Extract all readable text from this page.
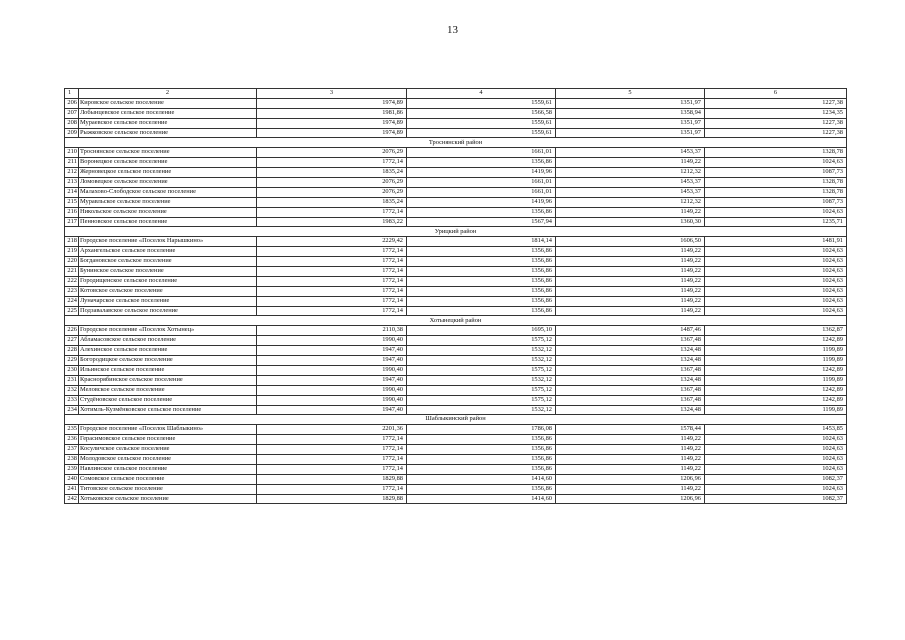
13
1	2	3	4	5	6
206	Кировское сельское поселение	1974,89	1559,61	1351,97	1227,38
207	Лобынцевское сельское поселение	1981,86	1566,58	1358,94	1234,35
208	Мураевское сельское поселение	1974,89	1559,61	1351,97	1227,38
209	Рыжковское сельское поселение	1974,89	1559,61	1351,97	1227,38
Троснянский район					
210	Троснянское сельское поселение	2076,29	1661,01	1453,37	1328,78
211	Воронецкое сельское поселение	1772,14	1356,86	1149,22	1024,63
212	Жерновецкое сельское поселение	1835,24	1419,96	1212,32	1087,73
213	Ломовецкое сельское поселение	2076,29	1661,01	1453,37	1328,78
214	Малахово-Слободское сельское поселение	2076,29	1661,01	1453,37	1328,78
215	Муравльское сельское поселение	1835,24	1419,96	1212,32	1087,73
216	Никольское сельское поселение	1772,14	1356,86	1149,22	1024,63
217	Пенновское сельское поселение	1983,22	1567,94	1360,30	1235,71
Урицкий район					
218	Городское поселение «Поселок Нарышкино»	2229,42	1814,14	1606,50	1481,91
219	Архангельское сельское поселение	1772,14	1356,86	1149,22	1024,63
220	Богдановское сельское поселение	1772,14	1356,86	1149,22	1024,63
221	Бунинское сельское поселение	1772,14	1356,86	1149,22	1024,63
222	Городищенское сельское поселение	1772,14	1356,86	1149,22	1024,63
223	Котовское сельское поселение	1772,14	1356,86	1149,22	1024,63
224	Луначарское сельское поселение	1772,14	1356,86	1149,22	1024,63
225	Подзавалавское сельское поселение	1772,14	1356,86	1149,22	1024,63
Хотынецкий район					
226	Городское поселение «Поселок Хотынец»	2110,38	1695,10	1487,46	1362,87
227	Абламасовское сельское поселение	1990,40	1575,12	1367,48	1242,89
228	Алехинское сельское поселение	1947,40	1532,12	1324,48	1199,89
229	Богородицкое сельское поселение	1947,40	1532,12	1324,48	1199,89
230	Ильинское сельское поселение	1990,40	1575,12	1367,48	1242,89
231	Краснорябинское сельское поселение	1947,40	1532,12	1324,48	1199,89
232	Меловское сельское поселение	1990,40	1575,12	1367,48	1242,89
233	Студёновское сельское поселение	1990,40	1575,12	1367,48	1242,89
234	Хотимль-Кузмёнковское сельское поселение	1947,40	1532,12	1324,48	1199,89
Шаблыкинский район					
235	Городское поселение «Поселок Шаблыкино»	2201,36	1786,08	1578,44	1453,85
236	Герасимовское сельское поселение	1772,14	1356,86	1149,22	1024,63
237	Косуличское сельское поселение	1772,14	1356,86	1149,22	1024,63
238	Молодовское сельское поселение	1772,14	1356,86	1149,22	1024,63
239	Навлинское сельское поселение	1772,14	1356,86	1149,22	1024,63
240	Сомовское сельское поселение	1829,88	1414,60	1206,96	1082,37
241	Титовское сельское поселение	1772,14	1356,86	1149,22	1024,63
242	Хотьковское сельское поселение	1829,88	1414,60	1206,96	1082,37
